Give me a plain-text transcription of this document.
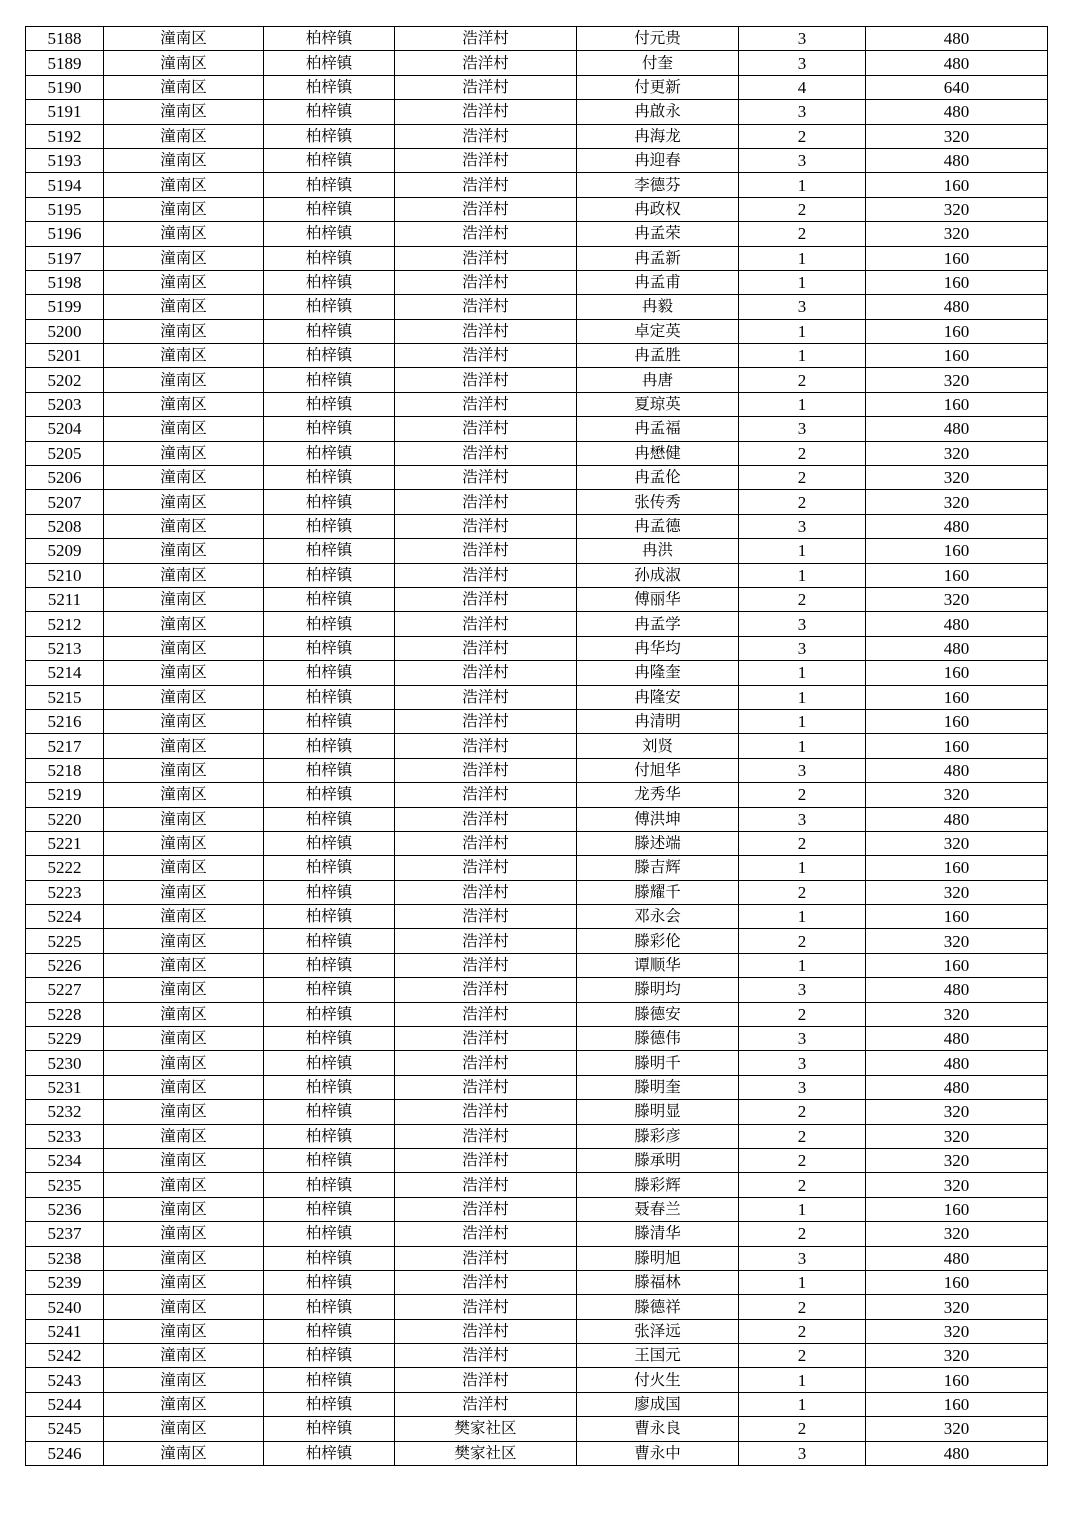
5188	潼南区	柏梓镇	浩洋村	付元贵	3	480
5189	潼南区	柏梓镇	浩洋村	付奎	3	480
5190	潼南区	柏梓镇	浩洋村	付更新	4	640
5191	潼南区	柏梓镇	浩洋村	冉啟永	3	480
5192	潼南区	柏梓镇	浩洋村	冉海龙	2	320
5193	潼南区	柏梓镇	浩洋村	冉迎春	3	480
5194	潼南区	柏梓镇	浩洋村	李德芬	1	160
5195	潼南区	柏梓镇	浩洋村	冉政权	2	320
5196	潼南区	柏梓镇	浩洋村	冉孟荣	2	320
5197	潼南区	柏梓镇	浩洋村	冉孟新	1	160
5198	潼南区	柏梓镇	浩洋村	冉孟甫	1	160
5199	潼南区	柏梓镇	浩洋村	冉毅	3	480
5200	潼南区	柏梓镇	浩洋村	卓定英	1	160
5201	潼南区	柏梓镇	浩洋村	冉孟胜	1	160
5202	潼南区	柏梓镇	浩洋村	冉唐	2	320
5203	潼南区	柏梓镇	浩洋村	夏琼英	1	160
5204	潼南区	柏梓镇	浩洋村	冉孟福	3	480
5205	潼南区	柏梓镇	浩洋村	冉懋健	2	320
5206	潼南区	柏梓镇	浩洋村	冉孟伦	2	320
5207	潼南区	柏梓镇	浩洋村	张传秀	2	320
5208	潼南区	柏梓镇	浩洋村	冉孟德	3	480
5209	潼南区	柏梓镇	浩洋村	冉洪	1	160
5210	潼南区	柏梓镇	浩洋村	孙成淑	1	160
5211	潼南区	柏梓镇	浩洋村	傅丽华	2	320
5212	潼南区	柏梓镇	浩洋村	冉孟学	3	480
5213	潼南区	柏梓镇	浩洋村	冉华均	3	480
5214	潼南区	柏梓镇	浩洋村	冉隆奎	1	160
5215	潼南区	柏梓镇	浩洋村	冉隆安	1	160
5216	潼南区	柏梓镇	浩洋村	冉清明	1	160
5217	潼南区	柏梓镇	浩洋村	刘贤	1	160
5218	潼南区	柏梓镇	浩洋村	付旭华	3	480
5219	潼南区	柏梓镇	浩洋村	龙秀华	2	320
5220	潼南区	柏梓镇	浩洋村	傅洪坤	3	480
5221	潼南区	柏梓镇	浩洋村	滕述端	2	320
5222	潼南区	柏梓镇	浩洋村	滕吉辉	1	160
5223	潼南区	柏梓镇	浩洋村	滕耀千	2	320
5224	潼南区	柏梓镇	浩洋村	邓永会	1	160
5225	潼南区	柏梓镇	浩洋村	滕彩伦	2	320
5226	潼南区	柏梓镇	浩洋村	谭顺华	1	160
5227	潼南区	柏梓镇	浩洋村	滕明均	3	480
5228	潼南区	柏梓镇	浩洋村	滕德安	2	320
5229	潼南区	柏梓镇	浩洋村	滕德伟	3	480
5230	潼南区	柏梓镇	浩洋村	滕明千	3	480
5231	潼南区	柏梓镇	浩洋村	滕明奎	3	480
5232	潼南区	柏梓镇	浩洋村	滕明显	2	320
5233	潼南区	柏梓镇	浩洋村	滕彩彦	2	320
5234	潼南区	柏梓镇	浩洋村	滕承明	2	320
5235	潼南区	柏梓镇	浩洋村	滕彩辉	2	320
5236	潼南区	柏梓镇	浩洋村	聂春兰	1	160
5237	潼南区	柏梓镇	浩洋村	滕清华	2	320
5238	潼南区	柏梓镇	浩洋村	滕明旭	3	480
5239	潼南区	柏梓镇	浩洋村	滕福林	1	160
5240	潼南区	柏梓镇	浩洋村	滕德祥	2	320
5241	潼南区	柏梓镇	浩洋村	张泽远	2	320
5242	潼南区	柏梓镇	浩洋村	王国元	2	320
5243	潼南区	柏梓镇	浩洋村	付火生	1	160
5244	潼南区	柏梓镇	浩洋村	廖成国	1	160
5245	潼南区	柏梓镇	樊家社区	曹永良	2	320
5246	潼南区	柏梓镇	樊家社区	曹永中	3	480
